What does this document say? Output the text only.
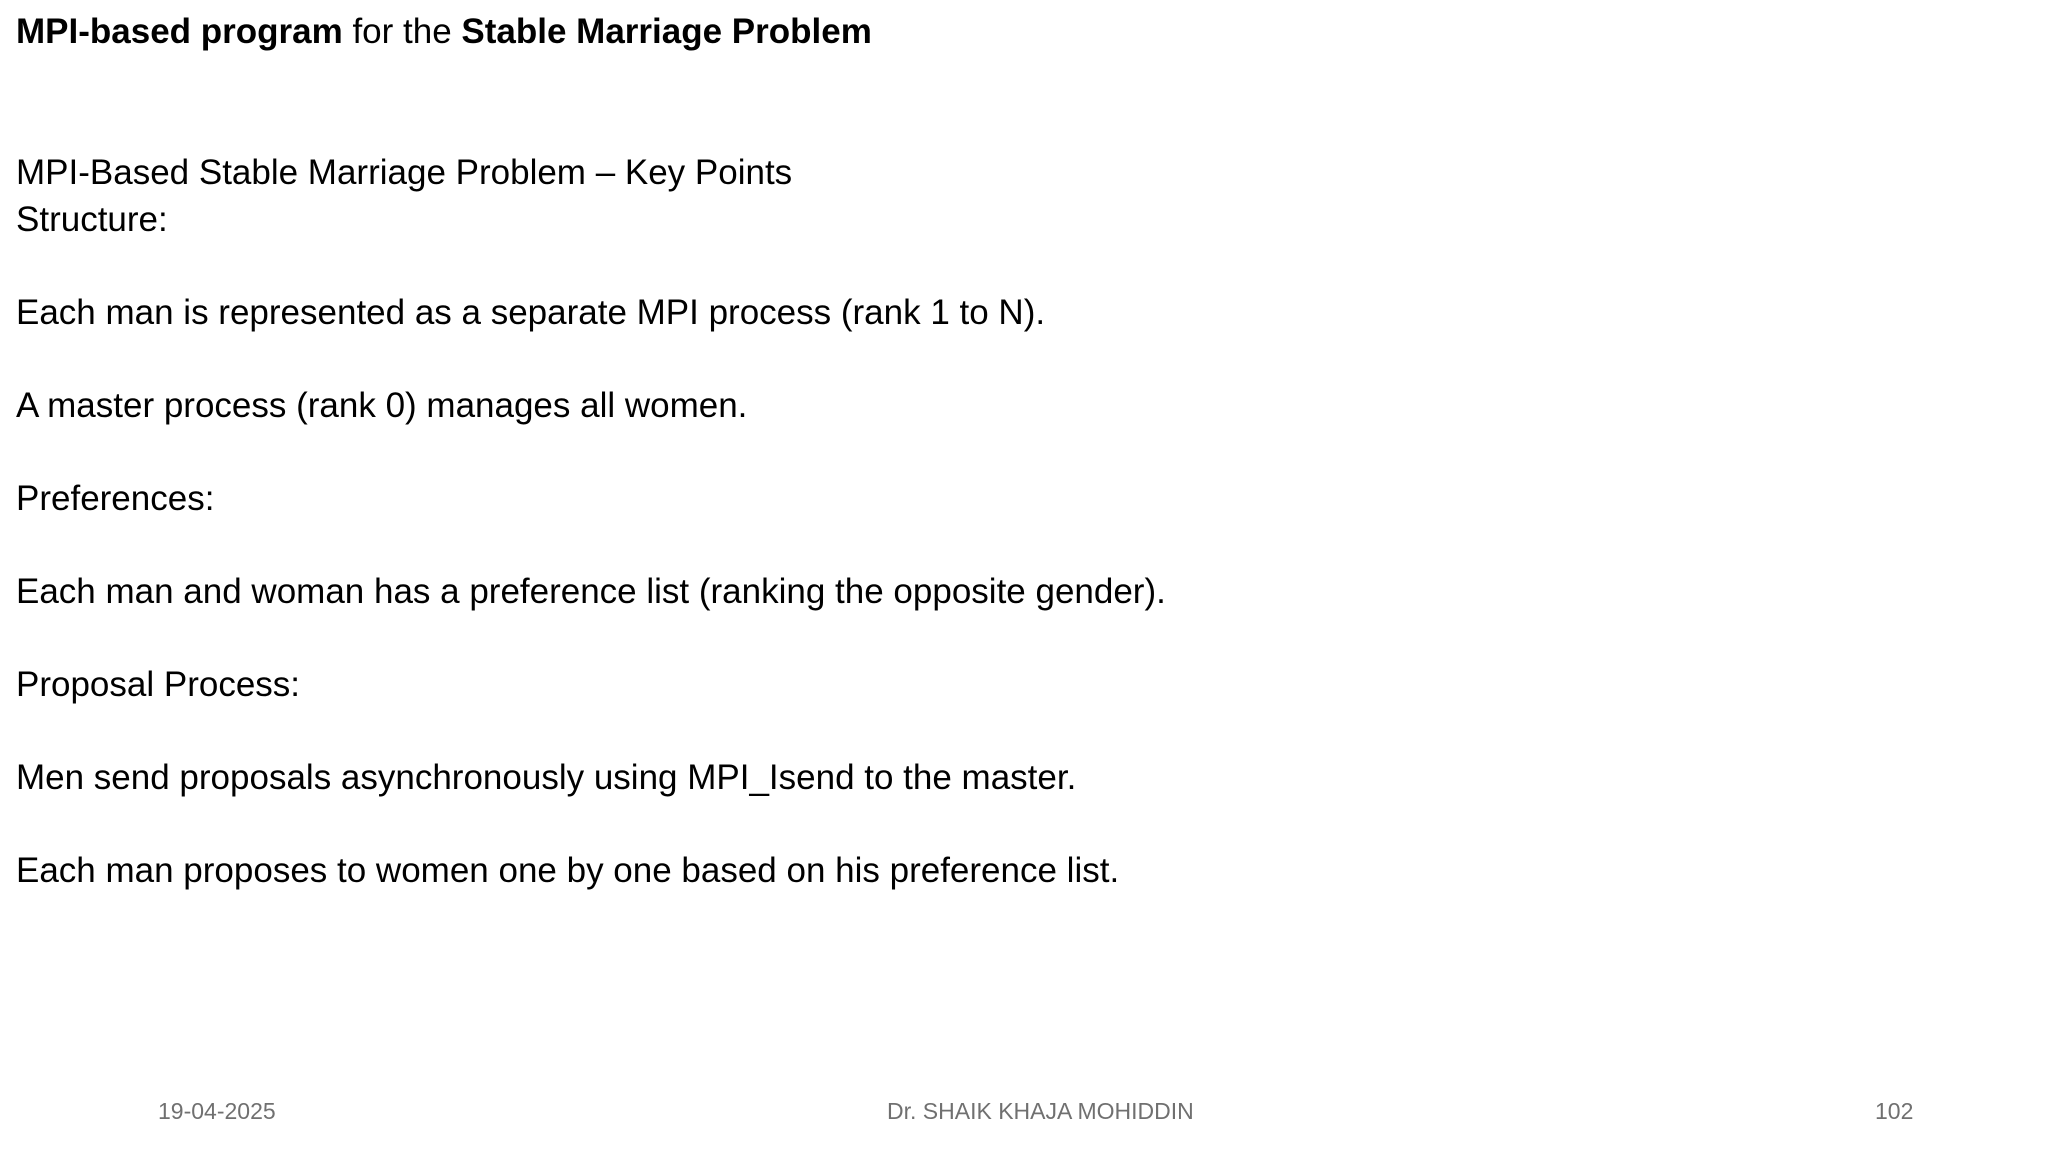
MPI-based program for the Stable Marriage Problem
MPI-Based Stable Marriage Problem – Key Points
Structure:
Each man is represented as a separate MPI process (rank 1 to N).
A master process (rank 0) manages all women.
Preferences:
Each man and woman has a preference list (ranking the opposite gender).
Proposal Process:
Men send proposals asynchronously using MPI_Isend to the master.
Each man proposes to women one by one based on his preference list.
19-04-2025	Dr. SHAIK KHAJA MOHIDDIN	102
